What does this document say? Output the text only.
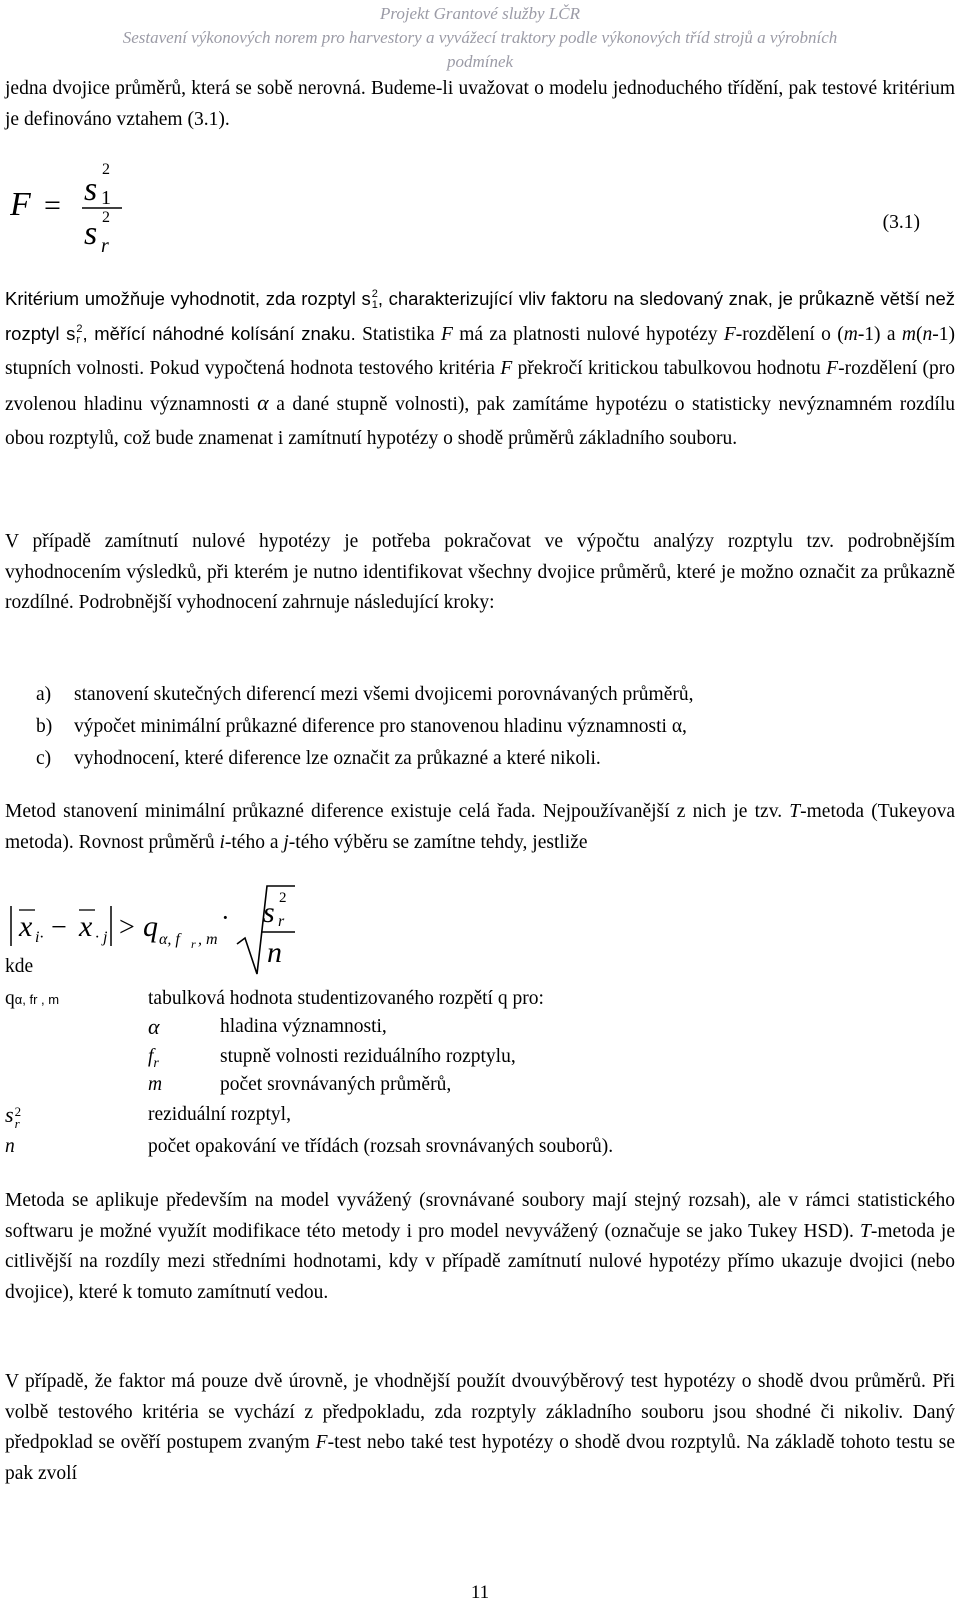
Projekt Grantové služby LČR
Sestavení výkonových norem pro harvestory a vyvážecí traktory podle výkonových tříd strojů a výrobních
podmínek

jedna dvojice průměrů, která se sobě nerovná. Budeme-li uvažovat o modelu jednoduchého třídění, pak testové kritérium je definováno vztahem (3.1).

F = s
2
1
s 2
r
(3.1)

Kritérium umožňuje vyhodnotit, zda rozptyl s 2
1 , charakterizující vliv faktoru na sledovaný znak, je průkazně větší než rozptyl s 2
r , měřící náhodné kolísání znaku. Statistika F má za platnosti nulové hypotézy F-rozdělení o (m-1) a m(n-1) stupních volnosti. Pokud vypočtená hodnota testového kritéria F překročí kritickou tabulkovou hodnotu F-rozdělení (pro zvolenou hladinu významnosti α a dané stupně volnosti), pak zamítáme hypotézu o statisticky nevýznamném rozdílu obou rozptylů, což bude znamenat i zamítnutí hypotézy o shodě průměrů základního souboru.

V případě zamítnutí nulové hypotézy je potřeba pokračovat ve výpočtu analýzy rozptylu tzv. podrobnějším vyhodnocením výsledků, při kterém je nutno identifikovat všechny dvojice průměrů, které je možno označit za průkazně rozdílné. Podrobnější vyhodnocení zahrnuje následující kroky:

a) stanovení skutečných diferencí mezi všemi dvojicemi porovnávaných průměrů,
b) výpočet minimální průkazné diference pro stanovenou hladinu významnosti α,
c) vyhodnocení, které diference lze označit za průkazné a které nikoli.

Metod stanovení minimální průkazné diference existuje celá řada. Nejpoužívanější z nich je tzv. T-metoda (Tukeyova metoda). Rovnost průměrů i-tého a j-tého výběru se zamítne tehdy, jestliže

x i· − x · j > q α, f r , m
· s 2
r
n
kde
qα, fr , m	tabulková hodnota studentizovaného rozpětí q pro:
α	hladina významnosti,
$f_r$	stupně volnosti reziduálního rozptylu,
m	počet srovnávaných průměrů,
s 2
r	reziduální rozptyl,
n	počet opakování ve třídách (rozsah srovnávaných souborů).

Metoda se aplikuje především na model vyvážený (srovnávané soubory mají stejný rozsah), ale v rámci statistického softwaru je možné využít modifikace této metody i pro model nevyvážený (označuje se jako Tukey HSD). T-metoda je citlivější na rozdíly mezi středními hodnotami, kdy v případě zamítnutí nulové hypotézy přímo ukazuje dvojici (nebo dvojice), které k tomuto zamítnutí vedou.

V případě, že faktor má pouze dvě úrovně, je vhodnější použít dvouvýběrový test hypotézy o shodě dvou průměrů. Při volbě testového kritéria se vychází z předpokladu, zda rozptyly základního souboru jsou shodné či nikoliv. Daný předpoklad se ověří postupem zvaným F-test nebo také test hypotézy o shodě dvou rozptylů. Na základě tohoto testu se pak zvolí

11
